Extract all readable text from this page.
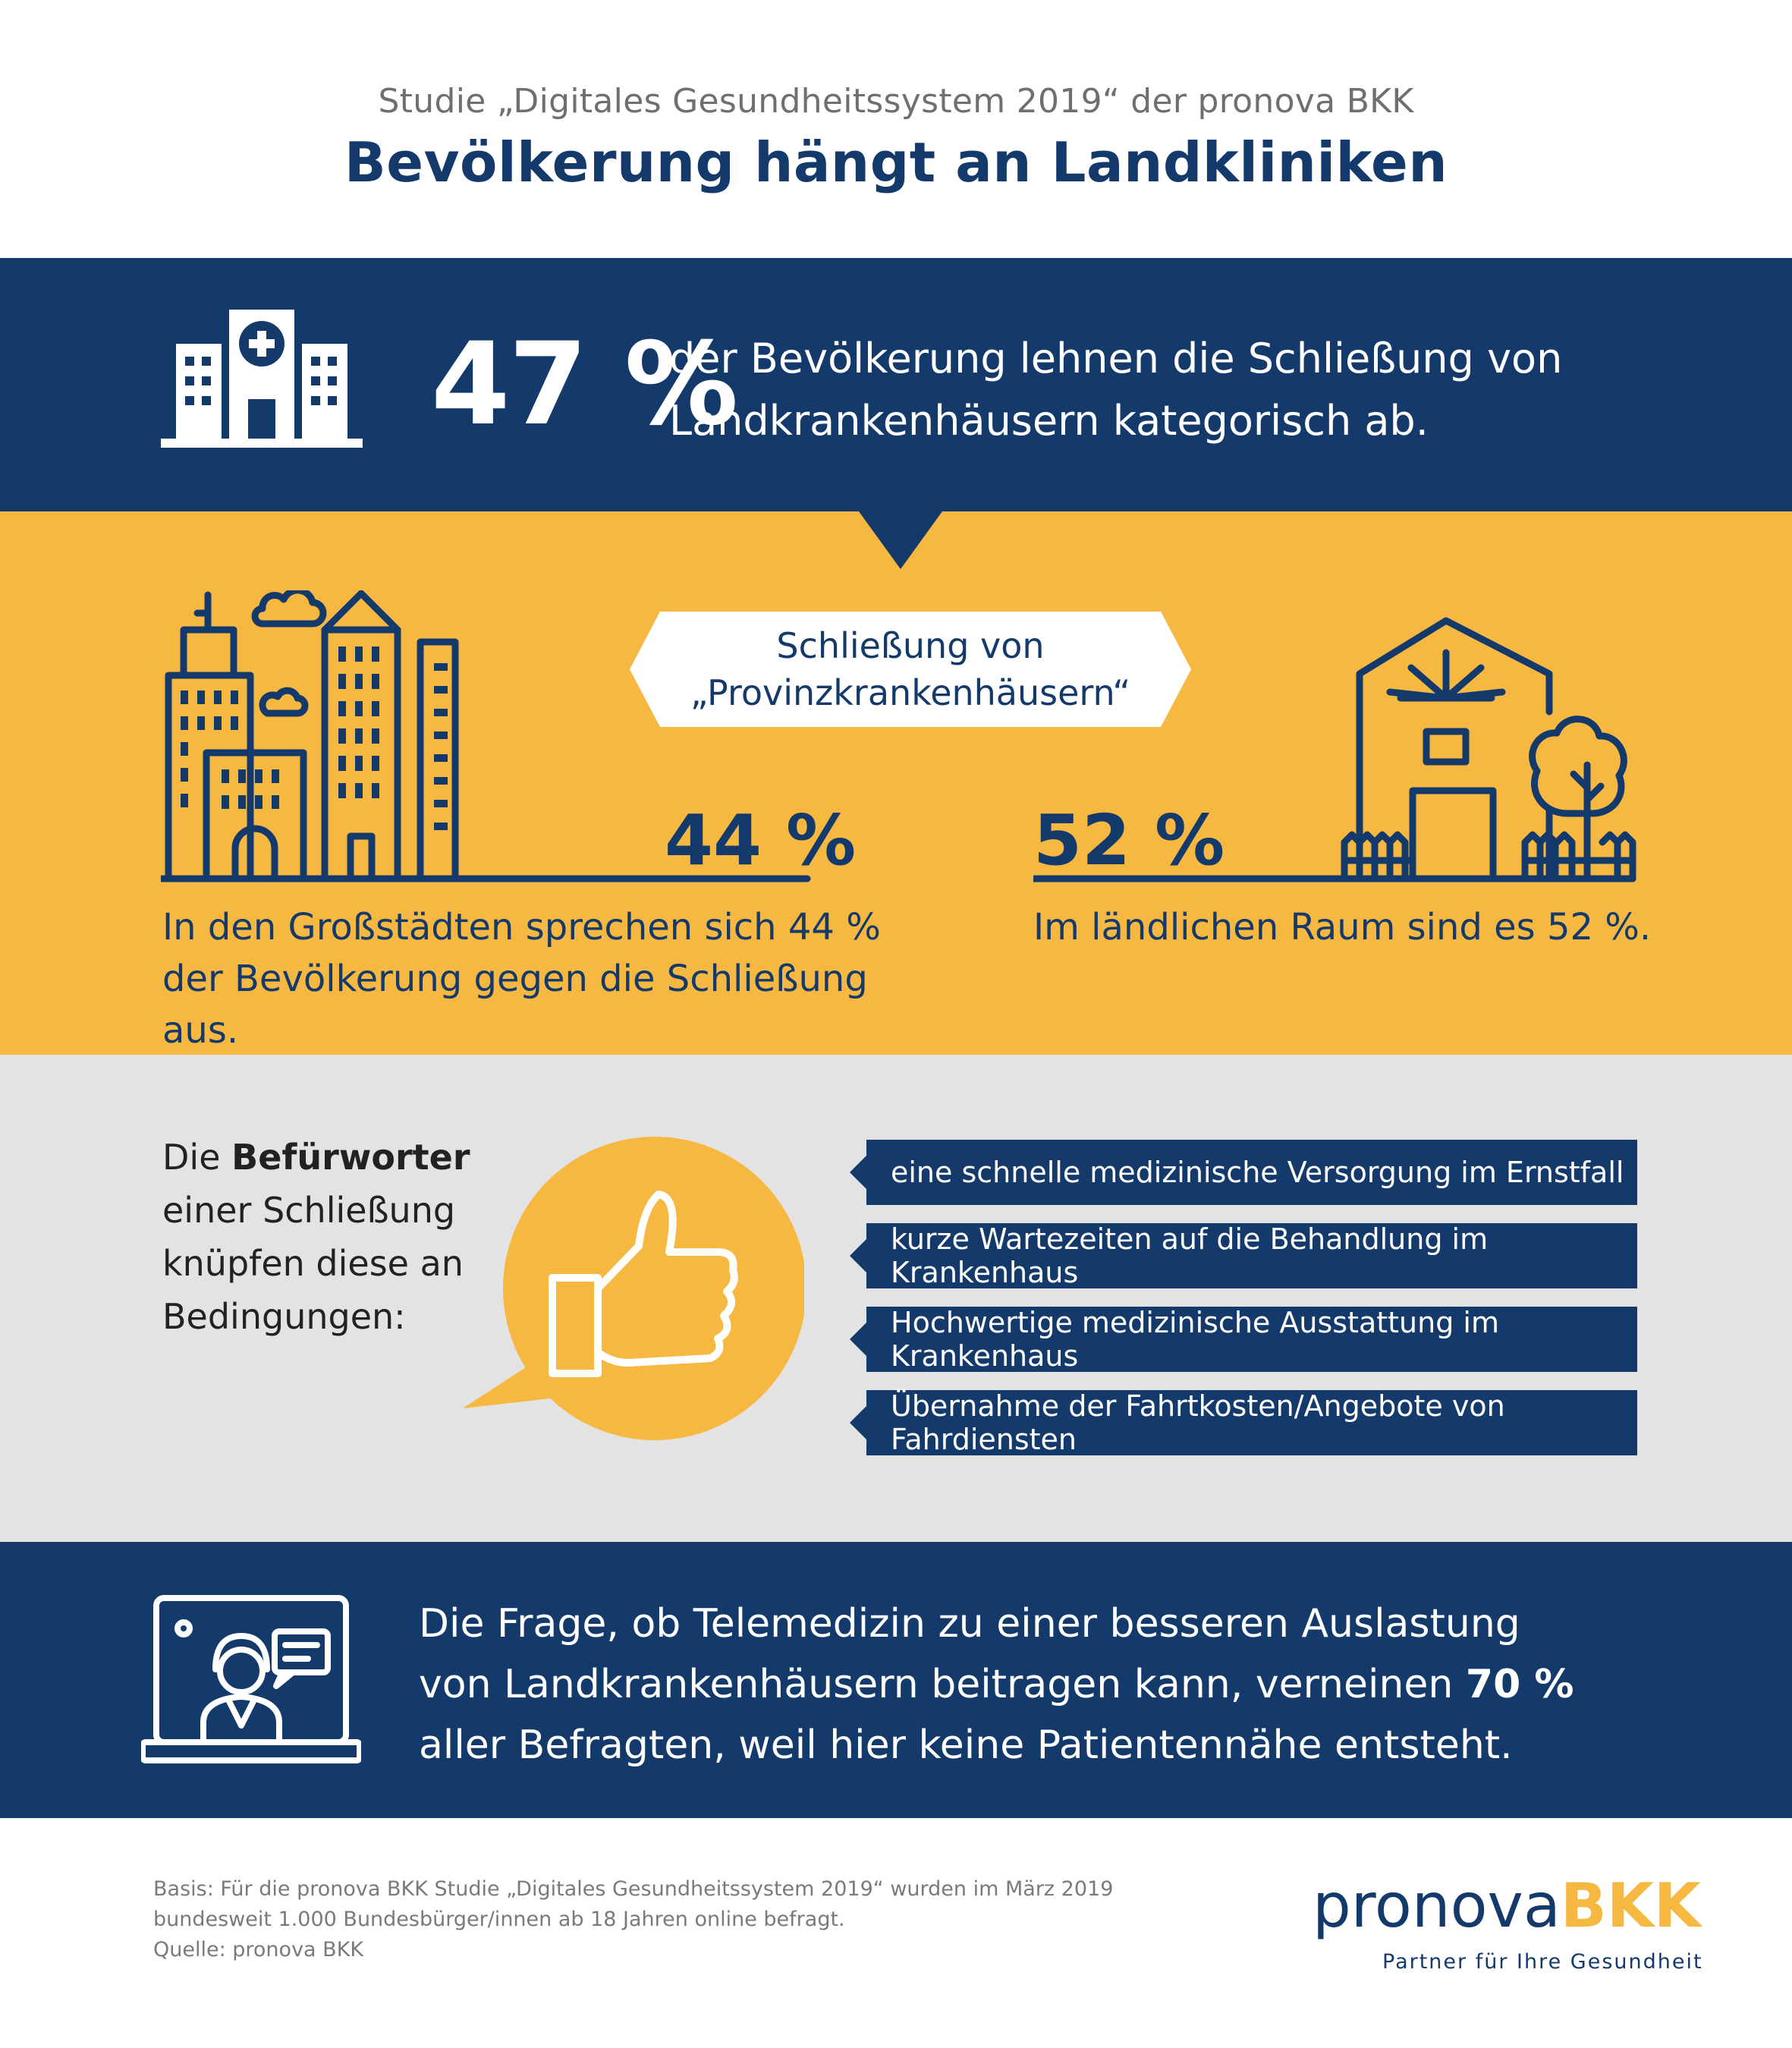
Studie „Digitales Gesundheitssystem 2019“ der pronova BKK
Bevölkerung hängt an Landkliniken
47 %
der Bevölkerung lehnen die Schließung von Landkrankenhäusern kategorisch ab.
Schließung von
„Provinzkrankenhäusern“
44 %	52 %
In den Großstädten sprechen sich 44 % der Bevölkerung gegen die Schließung aus.
Im ländlichen Raum sind es 52 %.
Die Befürworter
einer Schließung
knüpfen diese an
Bedingungen:
eine schnelle medizinische Versorgung im Ernstfall
kurze Wartezeiten auf die Behandlung im Krankenhaus
Hochwertige medizinische Ausstattung im Krankenhaus
Übernahme der Fahrtkosten/Angebote von Fahrdiensten
Die Frage, ob Telemedizin zu einer besseren Auslastung von Landkrankenhäusern beitragen kann, verneinen 70 % aller Befragten, weil hier keine Patientennähe entsteht.
Basis: Für die pronova BKK Studie „Digitales Gesundheitssystem 2019“ wurden im März 2019
bundesweit 1.000 Bundesbürger/innen ab 18 Jahren online befragt.
Quelle: pronova BKK
pronovaBKK
Partner für Ihre Gesundheit
